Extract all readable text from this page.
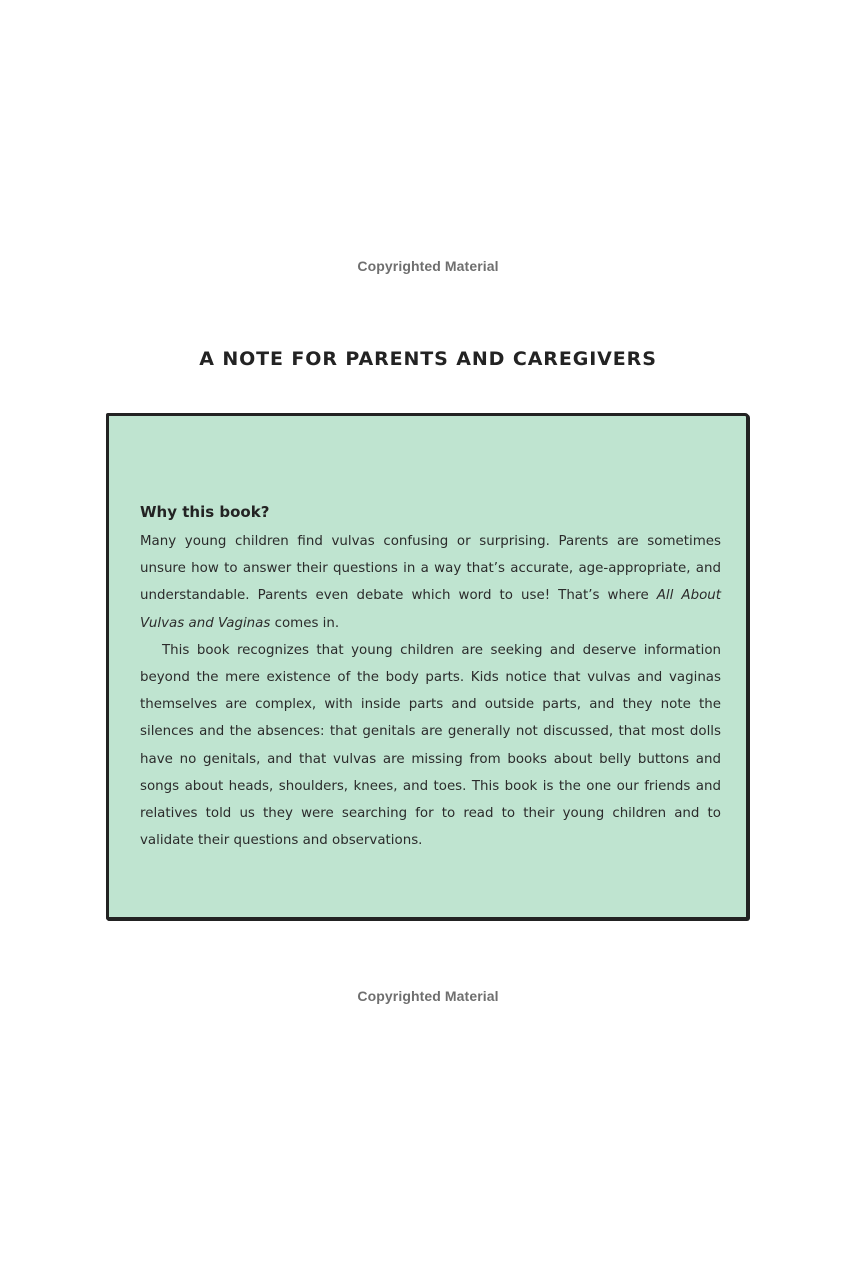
Copyrighted Material
A NOTE FOR PARENTS AND CAREGIVERS
Why this book?

Many young children find vulvas confusing or surprising. Parents are sometimes unsure how to answer their questions in a way that’s accurate, age-appropriate, and understandable. Parents even debate which word to use! That’s where All About Vulvas and Vaginas comes in.

This book recognizes that young children are seeking and deserve information beyond the mere existence of the body parts. Kids notice that vulvas and vaginas themselves are complex, with inside parts and outside parts, and they note the silences and the absences: that genitals are generally not discussed, that most dolls have no genitals, and that vulvas are missing from books about belly buttons and songs about heads, shoulders, knees, and toes. This book is the one our friends and relatives told us they were searching for to read to their young children and to validate their questions and observations.

Copyrighted Material
